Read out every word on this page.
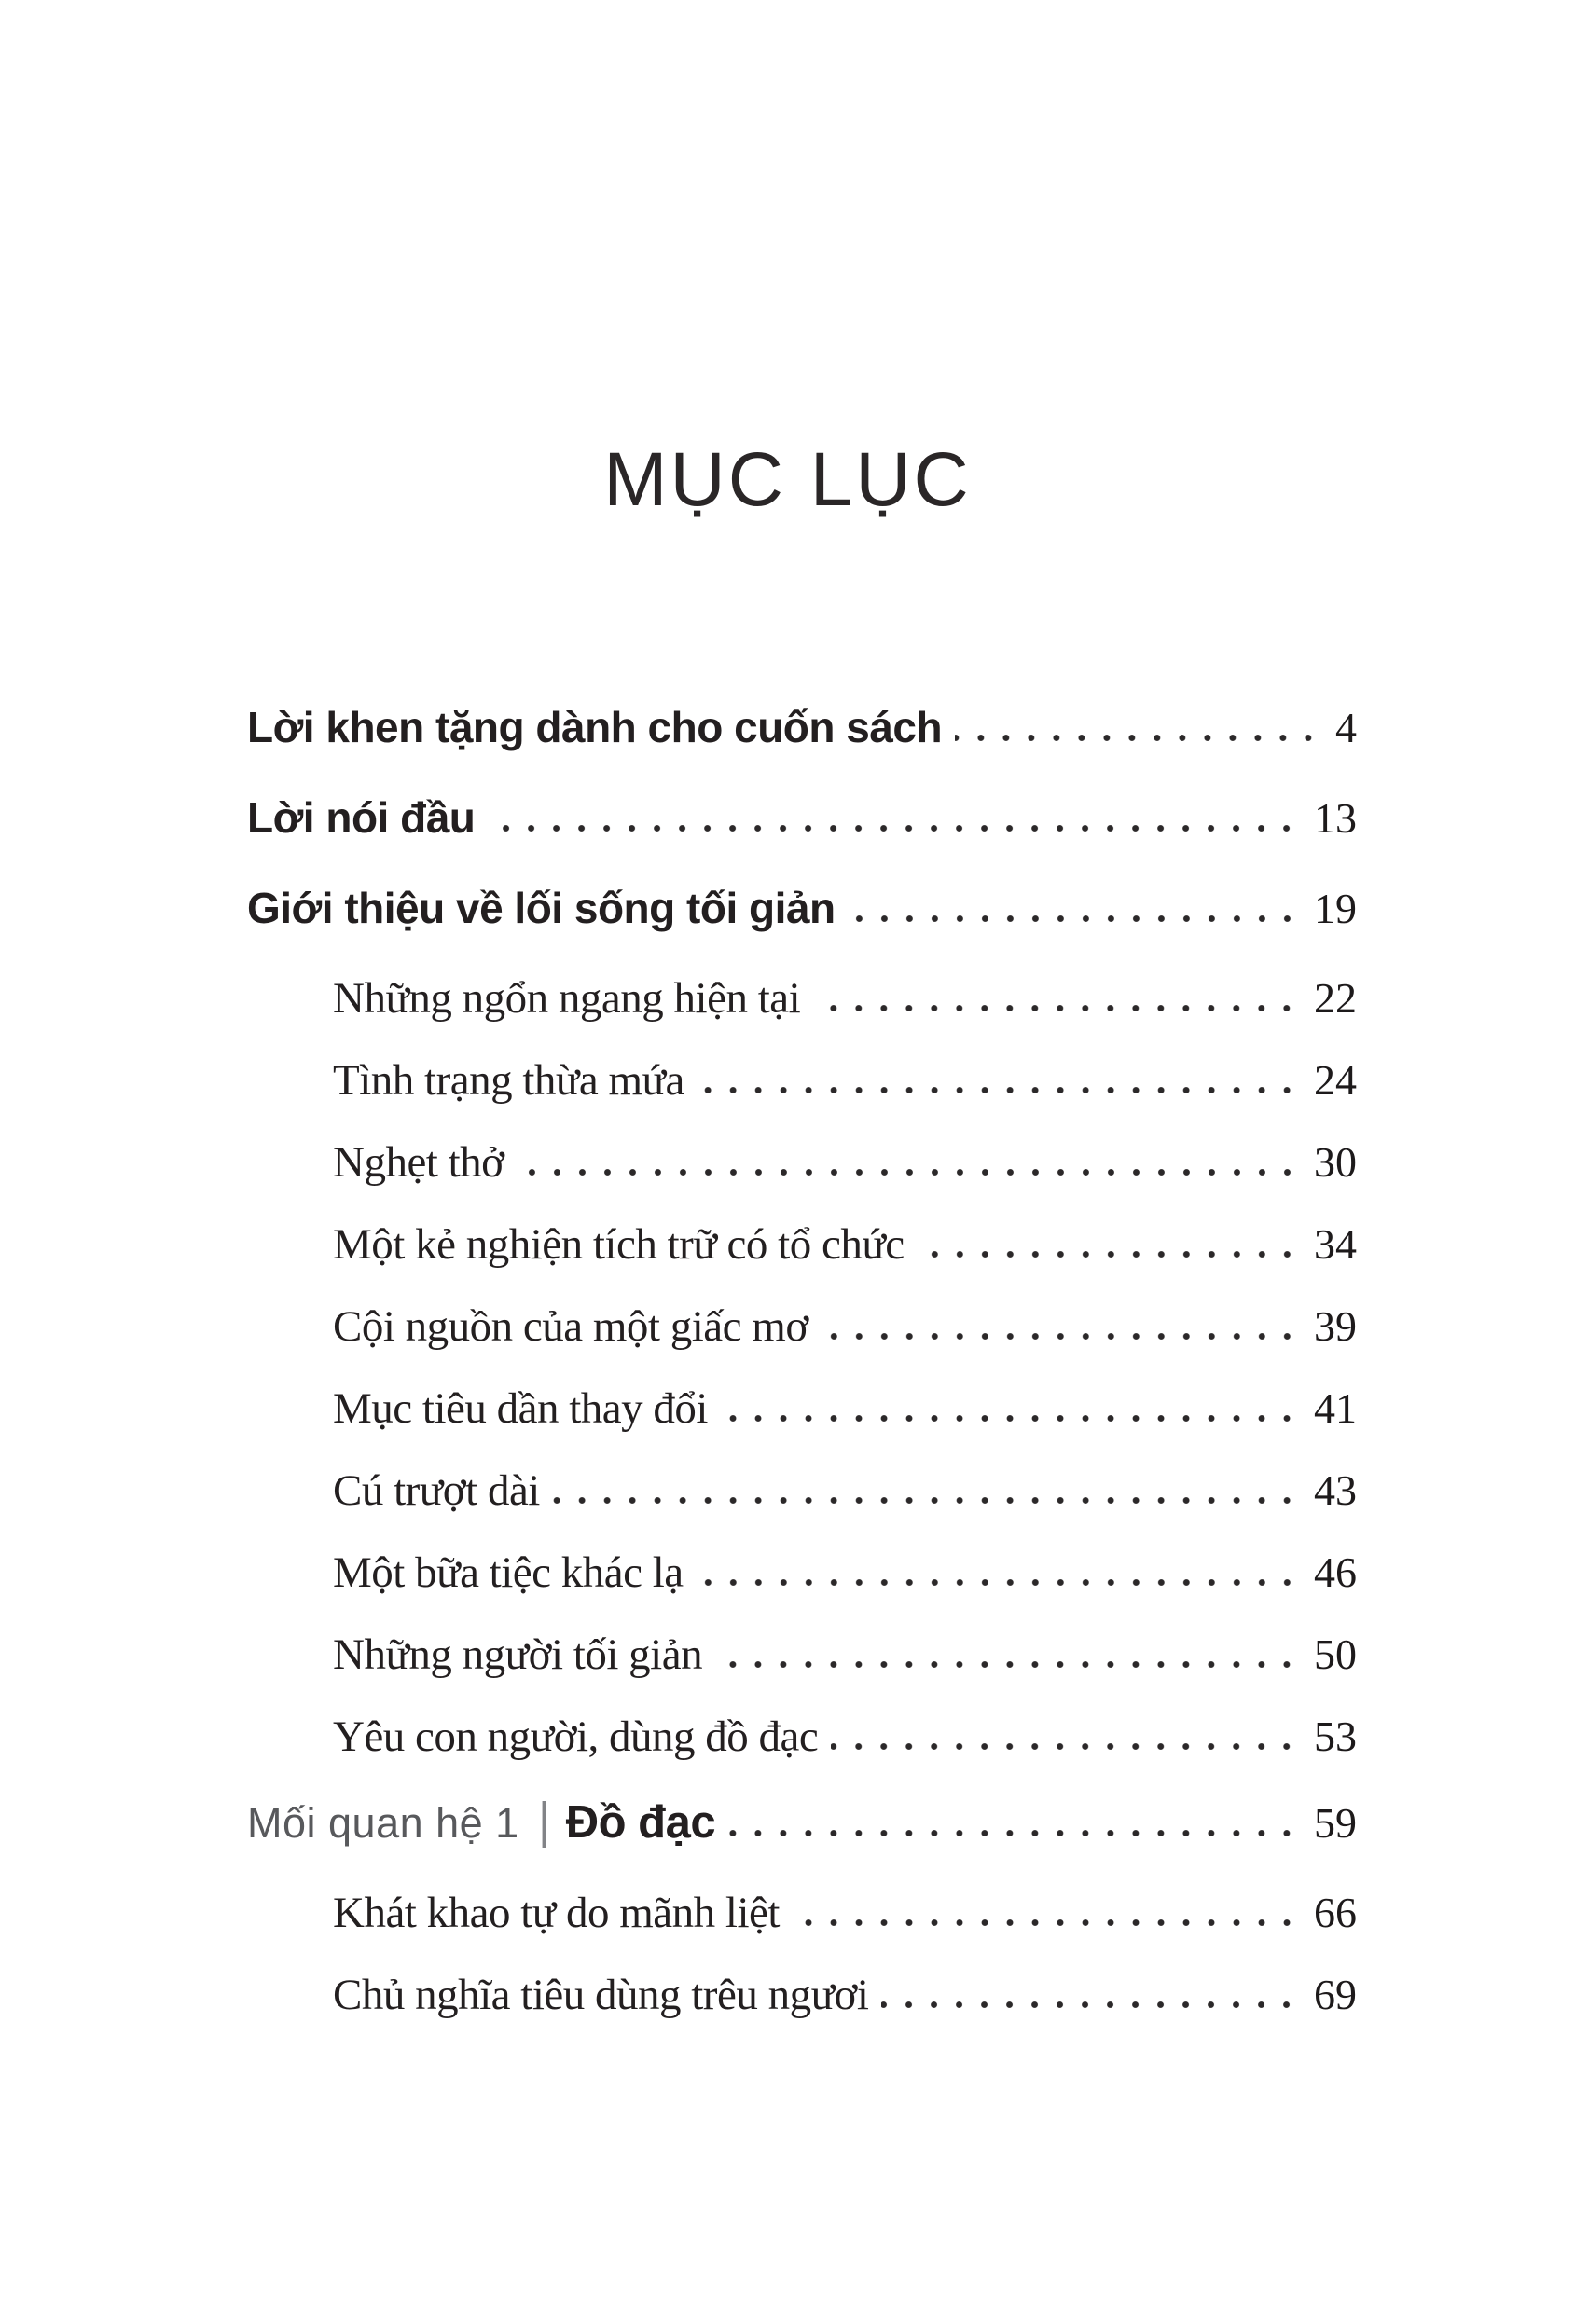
MỤC LỤC
Lời khen tặng dành cho cuốn sách	4
Lời nói đầu	13
Giới thiệu về lối sống tối giản	19
Những ngổn ngang hiện tại	22
Tình trạng thừa mứa	24
Nghẹt thở	30
Một kẻ nghiện tích trữ có tổ chức	34
Cội nguồn của một giấc mơ	39
Mục tiêu dần thay đổi	41
Cú trượt dài	43
Một bữa tiệc khác lạ	46
Những người tối giản	50
Yêu con người, dùng đồ đạc	53
Mối quan hệ 1 | Đồ đạc	59
Khát khao tự do mãnh liệt	66
Chủ nghĩa tiêu dùng trêu ngươi	69
